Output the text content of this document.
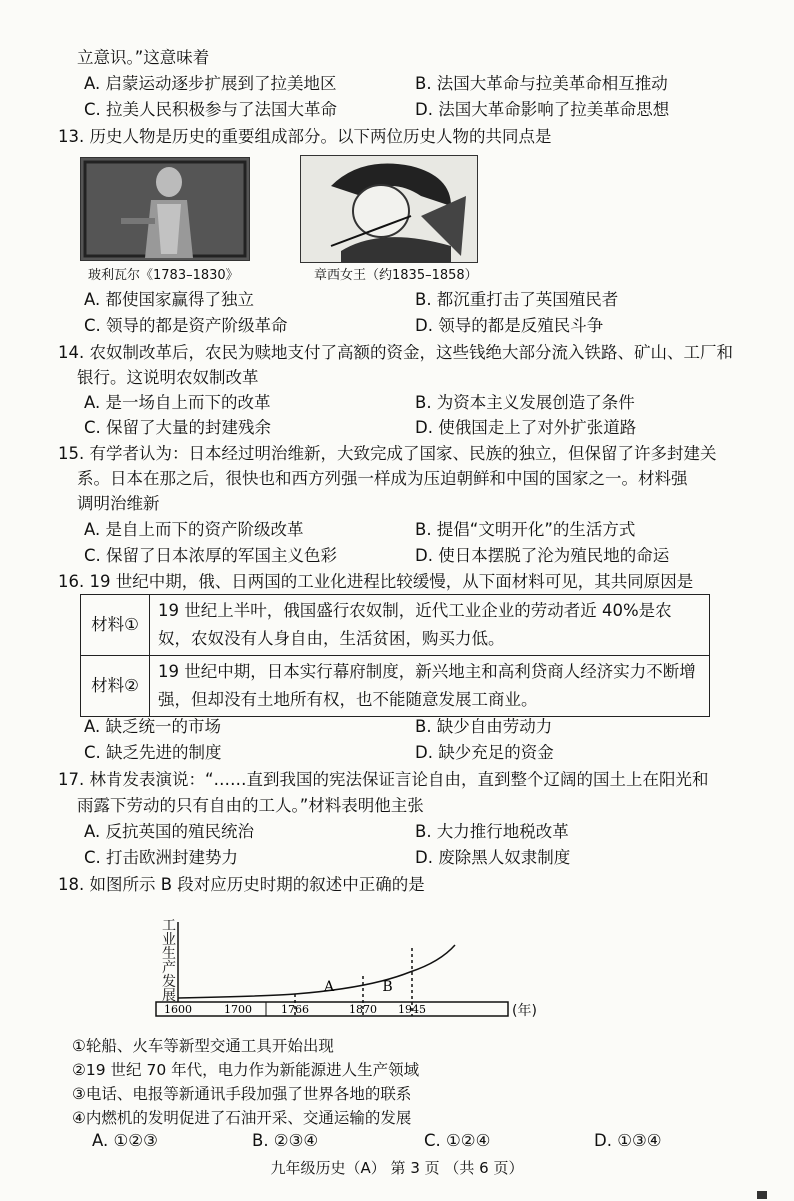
立意识。”这意味着
A. 启蒙运动逐步扩展到了拉美地区	B. 法国大革命与拉美革命相互推动
C. 拉美人民积极参与了法国大革命	D. 法国大革命影响了拉美革命思想
13. 历史人物是历史的重要组成部分。以下两位历史人物的共同点是
玻利瓦尔《1783–1830》	章西女王（约1835–1858）
A. 都使国家赢得了独立	B. 都沉重打击了英国殖民者
C. 领导的都是资产阶级革命	D. 领导的都是反殖民斗争
14. 农奴制改革后，农民为赎地支付了高额的资金，这些钱绝大部分流入铁路、矿山、工厂和
银行。这说明农奴制改革
A. 是一场自上而下的改革	B. 为资本主义发展创造了条件
C. 保留了大量的封建残余	D. 使俄国走上了对外扩张道路
15. 有学者认为：日本经过明治维新，大致完成了国家、民族的独立，但保留了许多封建关
系。日本在那之后，很快也和西方列强一样成为压迫朝鲜和中国的国家之一。材料强
调明治维新
A. 是自上而下的资产阶级改革	B. 提倡“文明开化”的生活方式
C. 保留了日本浓厚的军国主义色彩	D. 使日本摆脱了沦为殖民地的命运
16. 19 世纪中期，俄、日两国的工业化进程比较缓慢，从下面材料可见，其共同原因是
材料①	19 世纪上半叶，俄国盛行农奴制，近代工业企业的劳动者近 40%是农奴，农奴没有人身自由，生活贫困，购买力低。
材料②	19 世纪中期，日本实行幕府制度，新兴地主和高利贷商人经济实力不断增强，但却没有土地所有权，也不能随意发展工商业。
A. 缺乏统一的市场	B. 缺少自由劳动力
C. 缺乏先进的制度	D. 缺少充足的资金
17. 林肯发表演说：“……直到我国的宪法保证言论自由，直到整个辽阔的国土上在阳光和
雨露下劳动的只有自由的工人。”材料表明他主张
A. 反抗英国的殖民统治	B. 大力推行地税改革
C. 打击欧洲封建势力	D. 废除黑人奴隶制度
18. 如图所示 B 段对应历史时期的叙述中正确的是
工业生产发展
1600	1700	1766	1870 1945
A	B
(年)
①轮船、火车等新型交通工具开始出现
②19 世纪 70 年代，电力作为新能源进人生产领域
③电话、电报等新通讯手段加强了世界各地的联系
④内燃机的发明促进了石油开采、交通运输的发展
A. ①②③	B. ②③④	C. ①②④	D. ①③④
九年级历史（A） 第 3 页 （共 6 页）
